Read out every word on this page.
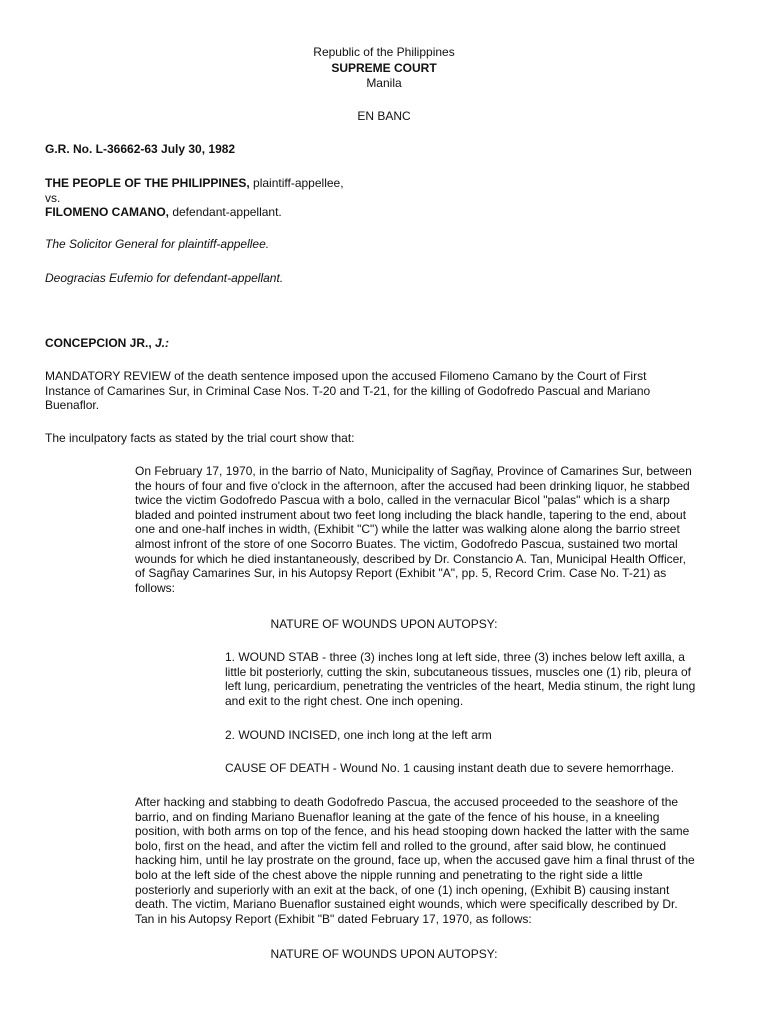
Republic of the Philippines
SUPREME COURT
Manila
EN BANC
G.R. No. L-36662-63 July 30, 1982
THE PEOPLE OF THE PHILIPPINES, plaintiff-appellee,
vs.
FILOMENO CAMANO, defendant-appellant.
The Solicitor General for plaintiff-appellee.
Deogracias Eufemio for defendant-appellant.
CONCEPCION JR., J.:
MANDATORY REVIEW of the death sentence imposed upon the accused Filomeno Camano by the Court of First
Instance of Camarines Sur, in Criminal Case Nos. T-20 and T-21, for the killing of Godofredo Pascual and Mariano
Buenaflor.
The inculpatory facts as stated by the trial court show that:
On February 17, 1970, in the barrio of Nato, Municipality of Sagñay, Province of Camarines Sur, between
the hours of four and five o'clock in the afternoon, after the accused had been drinking liquor, he stabbed
twice the victim Godofredo Pascua with a bolo, called in the vernacular Bicol "palas" which is a sharp
bladed and pointed instrument about two feet long including the black handle, tapering to the end, about
one and one-half inches in width, (Exhibit "C") while the latter was walking alone along the barrio street
almost infront of the store of one Socorro Buates. The victim, Godofredo Pascua, sustained two mortal
wounds for which he died instantaneously, described by Dr. Constancio A. Tan, Municipal Health Officer,
of Sagñay Camarines Sur, in his Autopsy Report (Exhibit "A", pp. 5, Record Crim. Case No. T-21) as
follows:
NATURE OF WOUNDS UPON AUTOPSY:
1. WOUND STAB - three (3) inches long at left side, three (3) inches below left axilla, a
little bit posteriorly, cutting the skin, subcutaneous tissues, muscles one (1) rib, pleura of
left lung, pericardium, penetrating the ventricles of the heart, Media stinum, the right lung
and exit to the right chest. One inch opening.
2. WOUND INCISED, one inch long at the left arm
CAUSE OF DEATH - Wound No. 1 causing instant death due to severe hemorrhage.
After hacking and stabbing to death Godofredo Pascua, the accused proceeded to the seashore of the
barrio, and on finding Mariano Buenaflor leaning at the gate of the fence of his house, in a kneeling
position, with both arms on top of the fence, and his head stooping down hacked the latter with the same
bolo, first on the head, and after the victim fell and rolled to the ground, after said blow, he continued
hacking him, until he lay prostrate on the ground, face up, when the accused gave him a final thrust of the
bolo at the left side of the chest above the nipple running and penetrating to the right side a little
posteriorly and superiorly with an exit at the back, of one (1) inch opening, (Exhibit B) causing instant
death. The victim, Mariano Buenaflor sustained eight wounds, which were specifically described by Dr.
Tan in his Autopsy Report (Exhibit "B" dated February 17, 1970, as follows:
NATURE OF WOUNDS UPON AUTOPSY:
